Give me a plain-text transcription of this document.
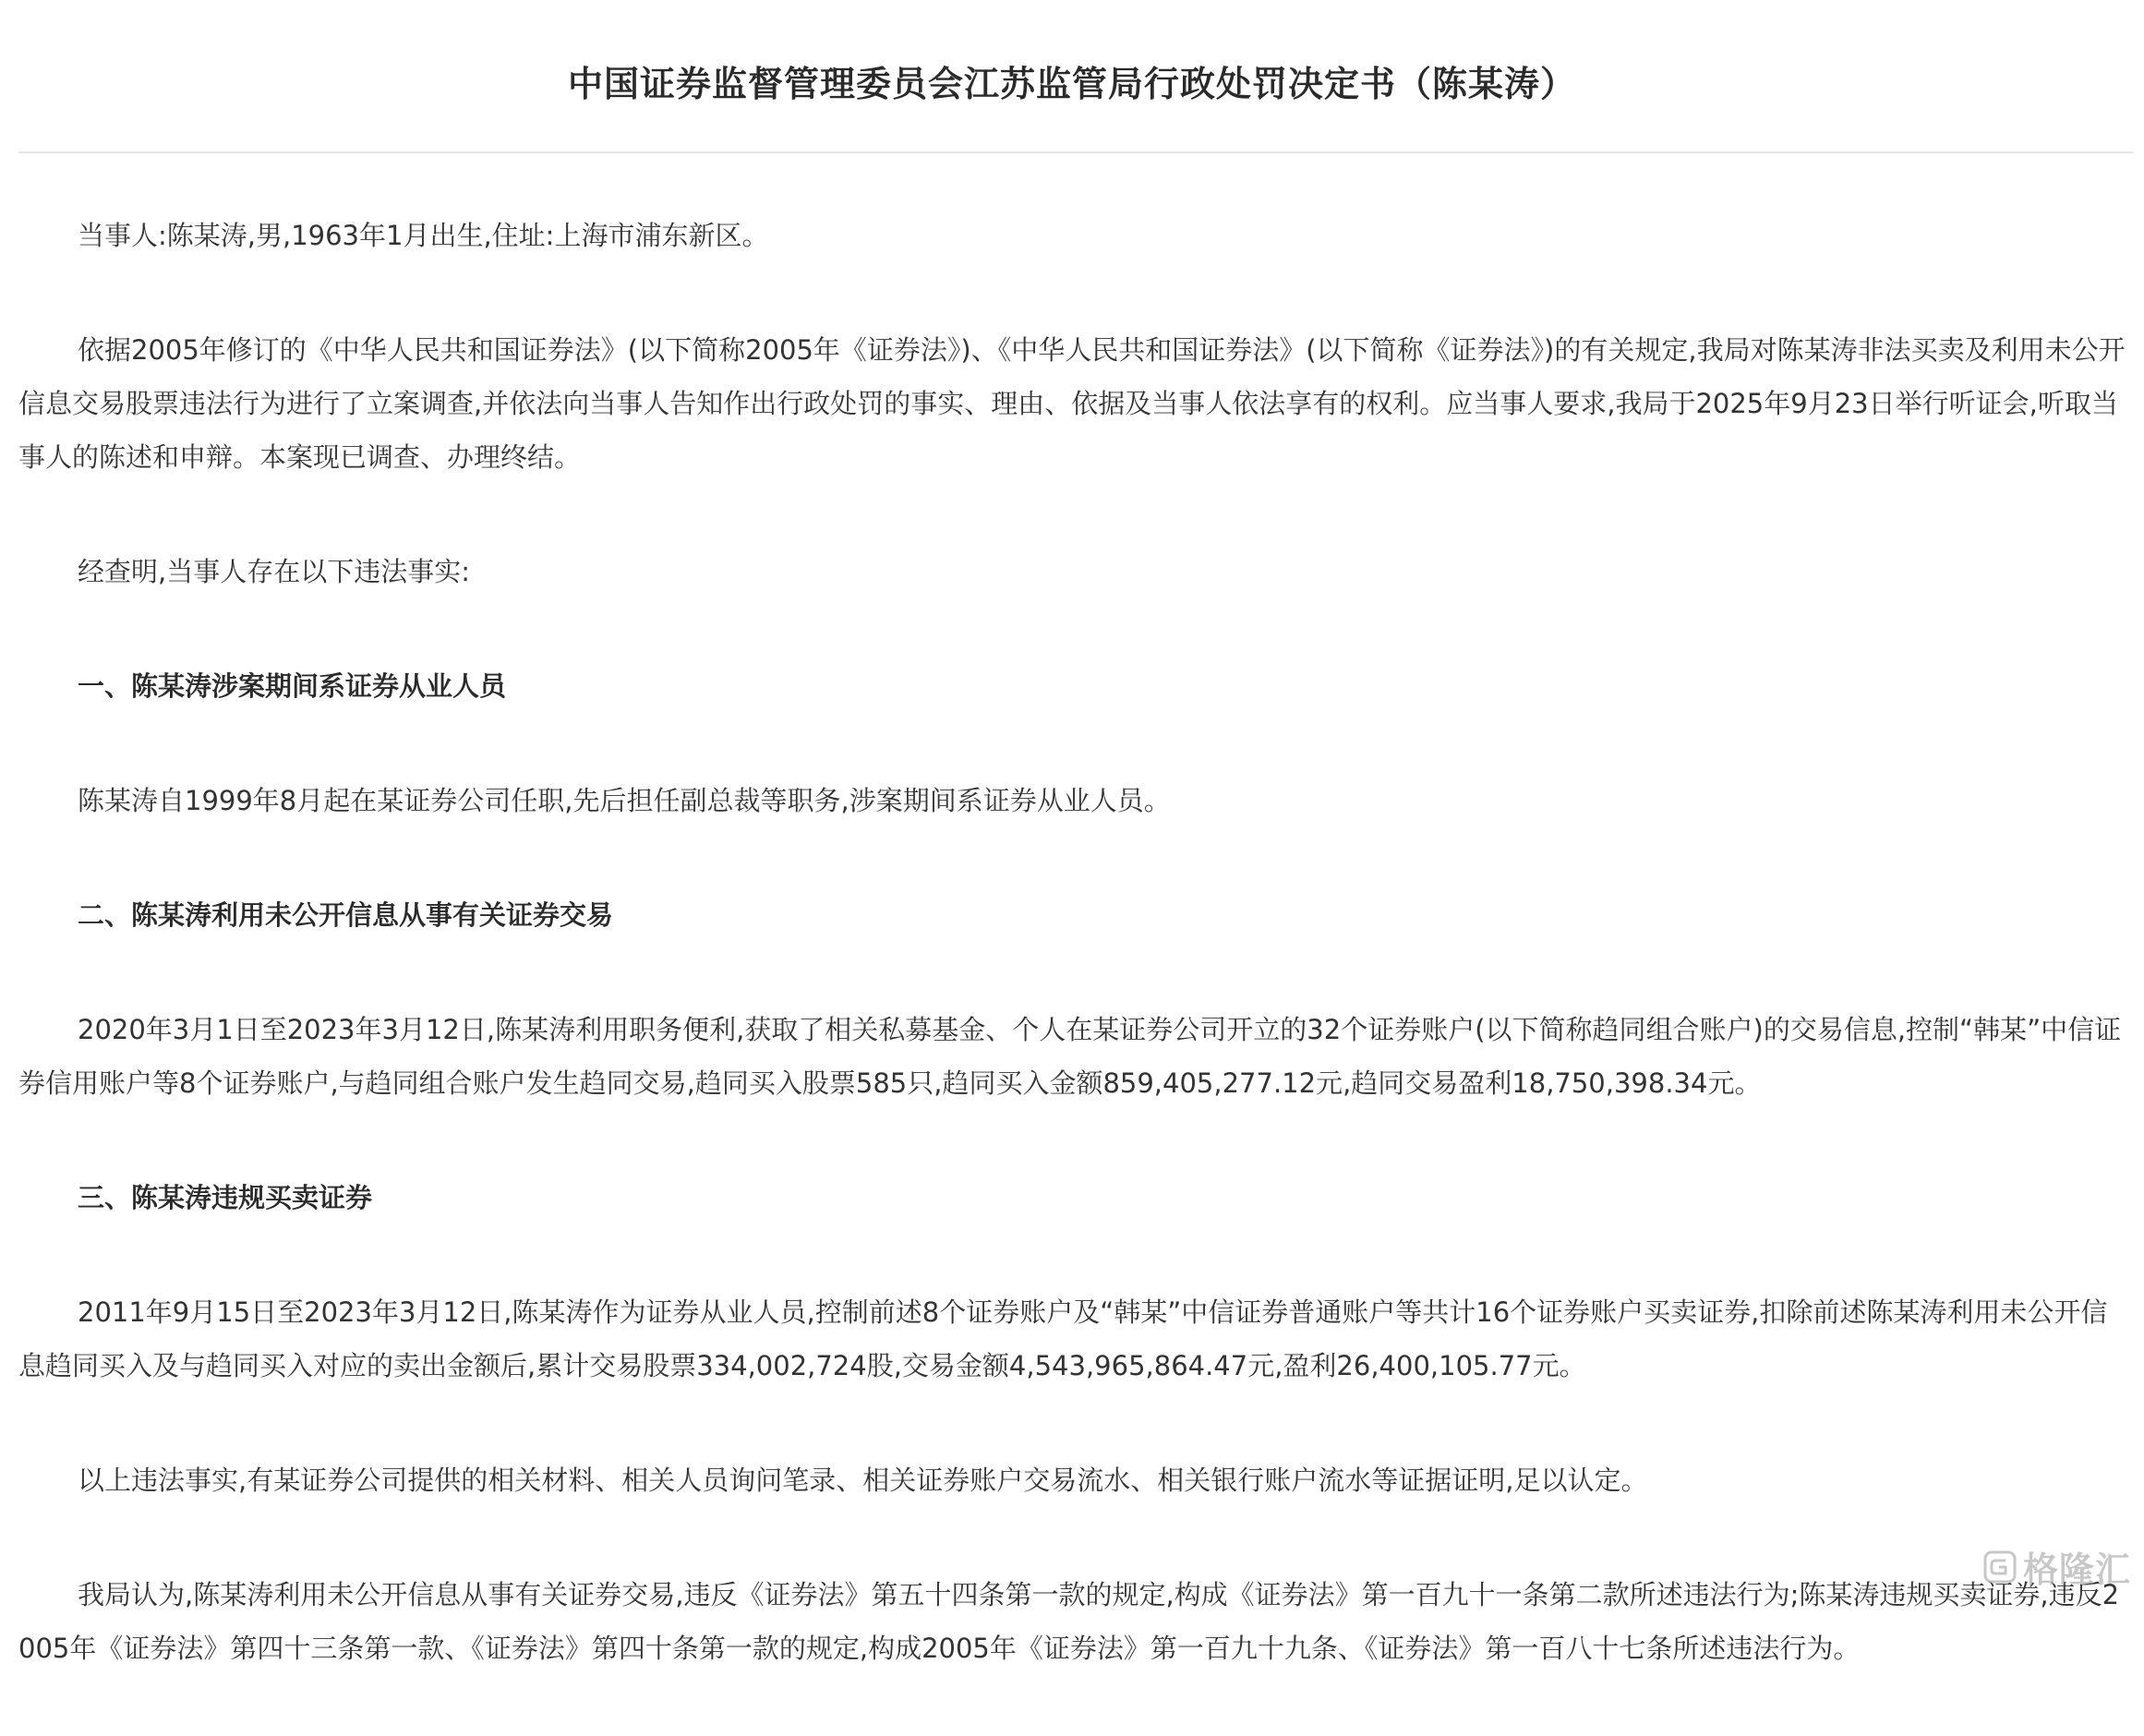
中国证券监督管理委员会江苏监管局行政处罚决定书（陈某涛）

当事人:陈某涛,男,1963年1月出生,住址:上海市浦东新区。

依据2005年修订的《中华人民共和国证券法》(以下简称2005年《证券法》)、《中华人民共和国证券法》(以下简称《证券法》)的有关规定,我局对陈某涛非法买卖及利用未公开信息交易股票违法行为进行了立案调查,并依法向当事人告知作出行政处罚的事实、理由、依据及当事人依法享有的权利。应当事人要求,我局于2025年9月23日举行听证会,听取当事人的陈述和申辩。本案现已调查、办理终结。

经查明,当事人存在以下违法事实:

一、陈某涛涉案期间系证券从业人员

陈某涛自1999年8月起在某证券公司任职,先后担任副总裁等职务,涉案期间系证券从业人员。

二、陈某涛利用未公开信息从事有关证券交易

2020年3月1日至2023年3月12日,陈某涛利用职务便利,获取了相关私募基金、个人在某证券公司开立的32个证券账户(以下简称趋同组合账户)的交易信息,控制“韩某”中信证券信用账户等8个证券账户,与趋同组合账户发生趋同交易,趋同买入股票585只,趋同买入金额859,405,277.12元,趋同交易盈利18,750,398.34元。

三、陈某涛违规买卖证券

2011年9月15日至2023年3月12日,陈某涛作为证券从业人员,控制前述8个证券账户及“韩某”中信证券普通账户等共计16个证券账户买卖证券,扣除前述陈某涛利用未公开信息趋同买入及与趋同买入对应的卖出金额后,累计交易股票334,002,724股,交易金额4,543,965,864.47元,盈利26,400,105.77元。

以上违法事实,有某证券公司提供的相关材料、相关人员询问笔录、相关证券账户交易流水、相关银行账户流水等证据证明,足以认定。

我局认为,陈某涛利用未公开信息从事有关证券交易,违反《证券法》第五十四条第一款的规定,构成《证券法》第一百九十一条第二款所述违法行为;陈某涛违规买卖证券,违反2005年《证券法》第四十三条第一款、《证券法》第四十条第一款的规定,构成2005年《证券法》第一百九十九条、《证券法》第一百八十七条所述违法行为。

格隆汇
